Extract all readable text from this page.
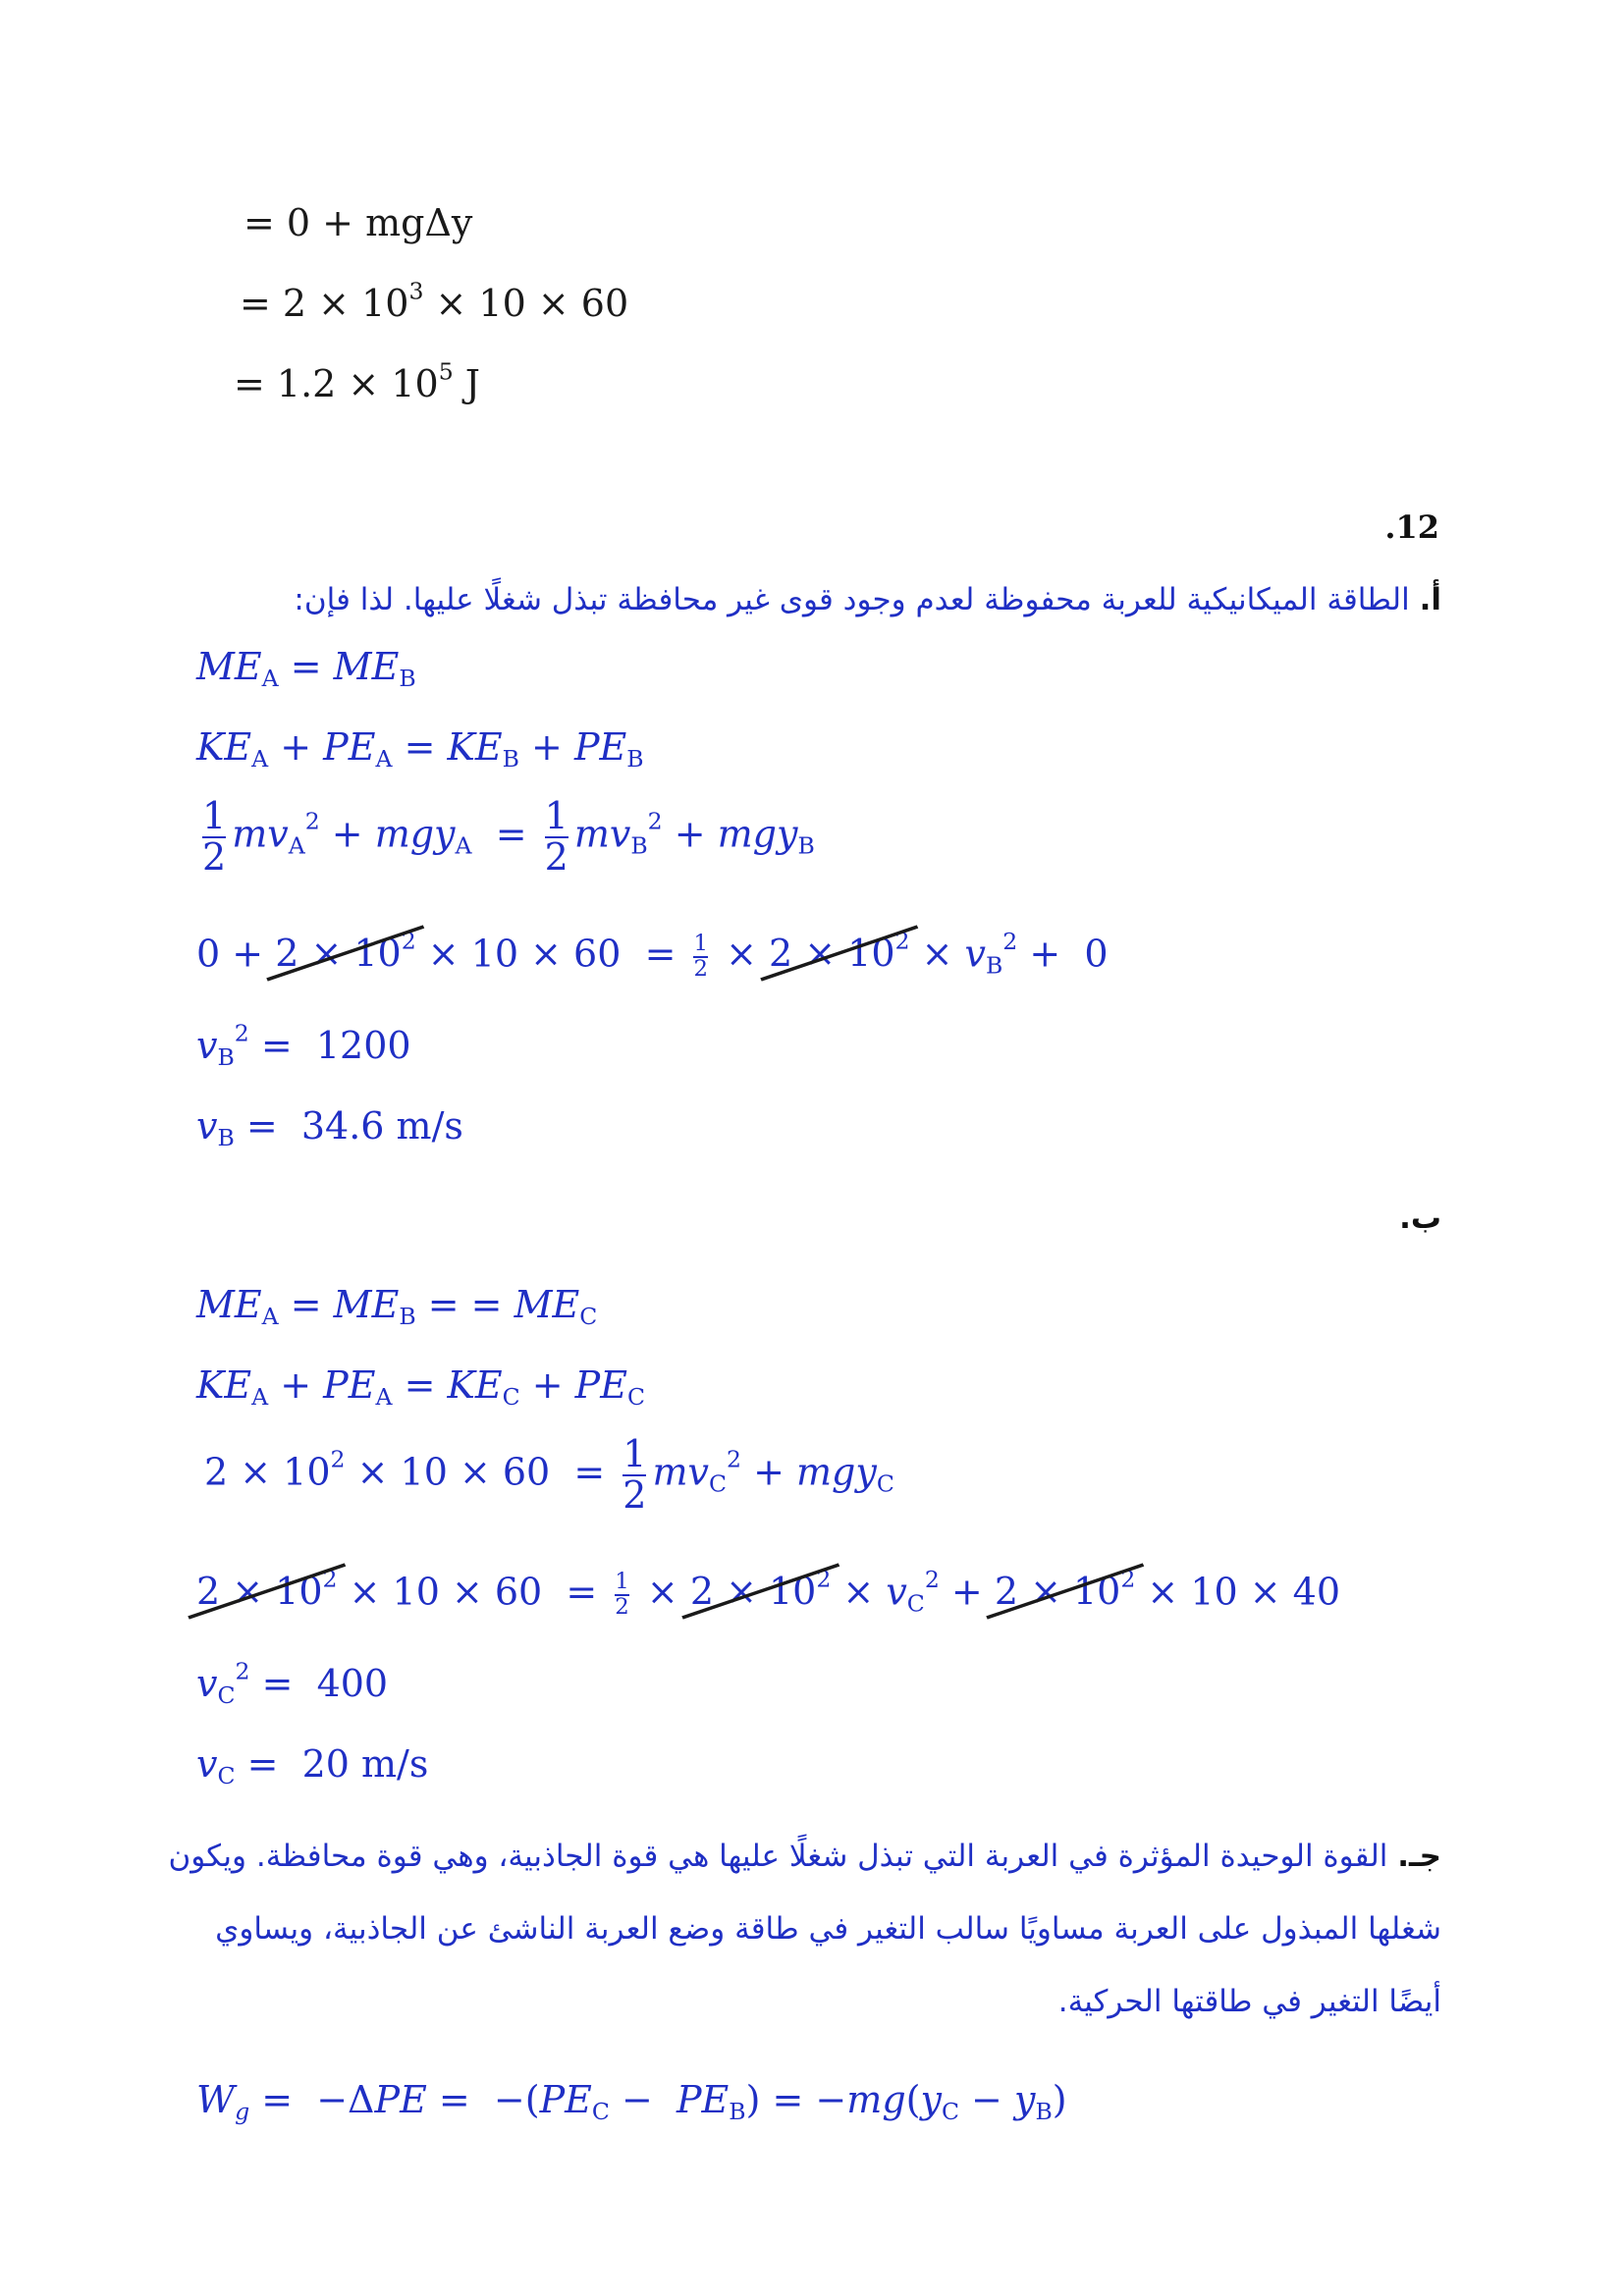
= 0 + mgΔy
= $2 \times 10^3 \times 10 \times 60$
= $1.2 \times 10^5$ J
.12
أ. الطاقة الميكانيكية للعربة محفوظة لعدم وجود قوى غير محافظة تبذل شغلًا عليها. لذا فإن:
$ME_A = ME_B$
$KE_A + PE_A = KE_B + PE_B$
$\frac{1}{2} mv_A^2 + mgy_A = \frac{1}{2} mv_B^2 + mgy_B$
$0 + 2 \times 10^2$
× $10 \times 60 = \frac{1}{2} \times 2 \times 10^2$
× $v_B^2 + 0$
$v_B^2 = 1200$
$v_B = 34.6$ m/s
ب.
$ME_A = ME_B$ = = $ME_C$
$KE_A + PE_A = KE_C + PE_C$
$2 \times 10^2 \times 10 \times 60 = \frac{1}{2} mv_C^2 + mgy_C$
$2 \times 10^2$
× $10 \times 60 = \frac{1}{2} \times 2 \times 10^2$
× $v_C^2 + 2 \times 10^2$
× 10 × 40
$v_C^2 = 400$
$v_C = 20$ m/s
جـ. القوة الوحيدة المؤثرة في العربة التي تبذل شغلًا عليها هي قوة الجاذبية، وهي قوة محافظة. ويكون
شغلها المبذول على العربة مساويًا سالب التغير في طاقة وضع العربة الناشئ عن الجاذبية، ويساوي
أيضًا التغير في طاقتها الحركية.
$W_g = -\Delta PE = -(PE_C - PE_B) = -mg(y_C - y_B)$
